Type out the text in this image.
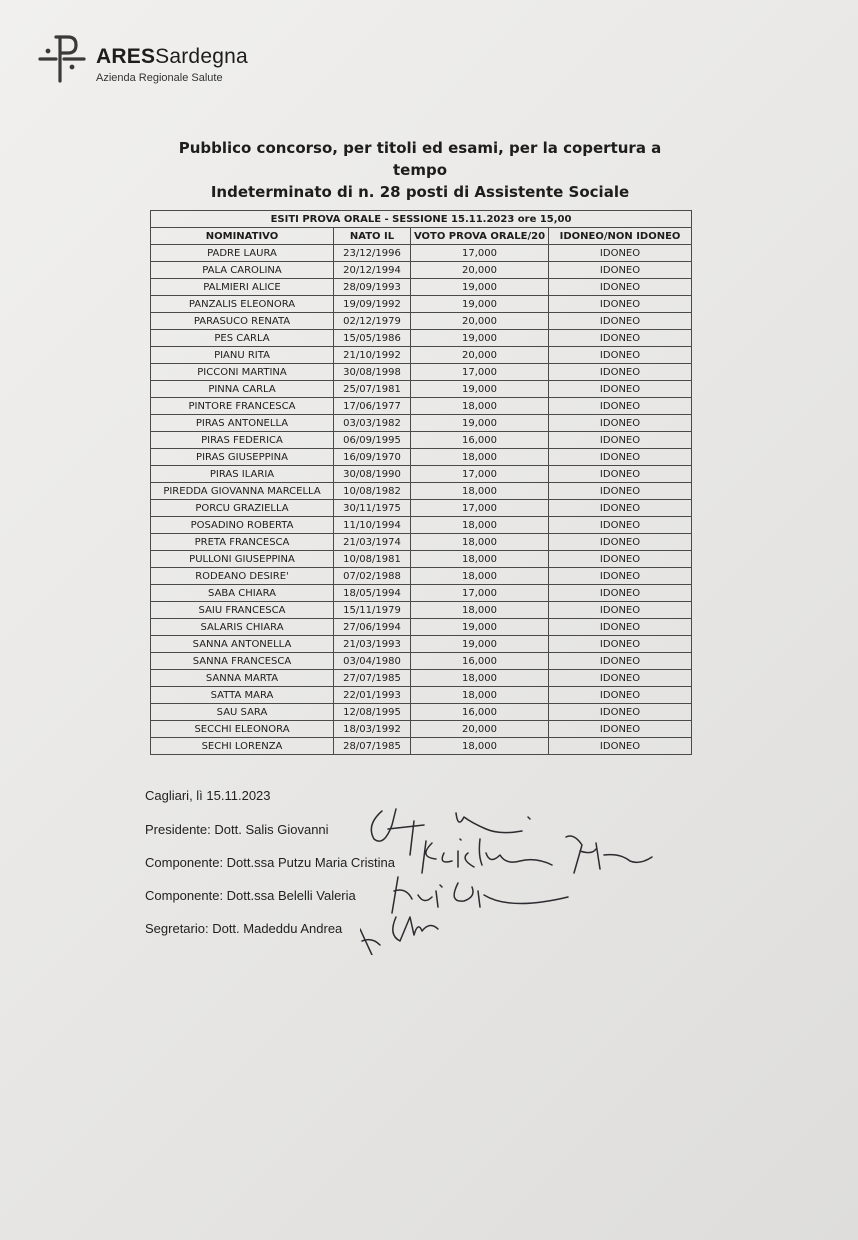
ARESSardegna
Azienda Regionale Salute
Pubblico concorso, per titoli ed esami, per la copertura a tempo
Indeterminato di n. 28 posti di Assistente Sociale
ESITI PROVA ORALE - SESSIONE 15.11.2023 ore 15,00			
NOMINATIVO	NATO IL	VOTO PROVA ORALE/20	IDONEO/NON IDONEO
PADRE LAURA	23/12/1996	17,000	IDONEO
PALA CAROLINA	20/12/1994	20,000	IDONEO
PALMIERI ALICE	28/09/1993	19,000	IDONEO
PANZALIS ELEONORA	19/09/1992	19,000	IDONEO
PARASUCO RENATA	02/12/1979	20,000	IDONEO
PES CARLA	15/05/1986	19,000	IDONEO
PIANU RITA	21/10/1992	20,000	IDONEO
PICCONI MARTINA	30/08/1998	17,000	IDONEO
PINNA CARLA	25/07/1981	19,000	IDONEO
PINTORE FRANCESCA	17/06/1977	18,000	IDONEO
PIRAS ANTONELLA	03/03/1982	19,000	IDONEO
PIRAS FEDERICA	06/09/1995	16,000	IDONEO
PIRAS GIUSEPPINA	16/09/1970	18,000	IDONEO
PIRAS ILARIA	30/08/1990	17,000	IDONEO
PIREDDA GIOVANNA MARCELLA	10/08/1982	18,000	IDONEO
PORCU GRAZIELLA	30/11/1975	17,000	IDONEO
POSADINO ROBERTA	11/10/1994	18,000	IDONEO
PRETA FRANCESCA	21/03/1974	18,000	IDONEO
PULLONI GIUSEPPINA	10/08/1981	18,000	IDONEO
RODEANO DESIRE'	07/02/1988	18,000	IDONEO
SABA CHIARA	18/05/1994	17,000	IDONEO
SAIU FRANCESCA	15/11/1979	18,000	IDONEO
SALARIS CHIARA	27/06/1994	19,000	IDONEO
SANNA ANTONELLA	21/03/1993	19,000	IDONEO
SANNA FRANCESCA	03/04/1980	16,000	IDONEO
SANNA MARTA	27/07/1985	18,000	IDONEO
SATTA MARA	22/01/1993	18,000	IDONEO
SAU SARA	12/08/1995	16,000	IDONEO
SECCHI ELEONORA	18/03/1992	20,000	IDONEO
SECHI LORENZA	28/07/1985	18,000	IDONEO
Cagliari, lì 15.11.2023
Presidente: Dott. Salis Giovanni
Componente: Dott.ssa Putzu Maria Cristina
Componente: Dott.ssa Belelli Valeria
Segretario: Dott. Madeddu Andrea
